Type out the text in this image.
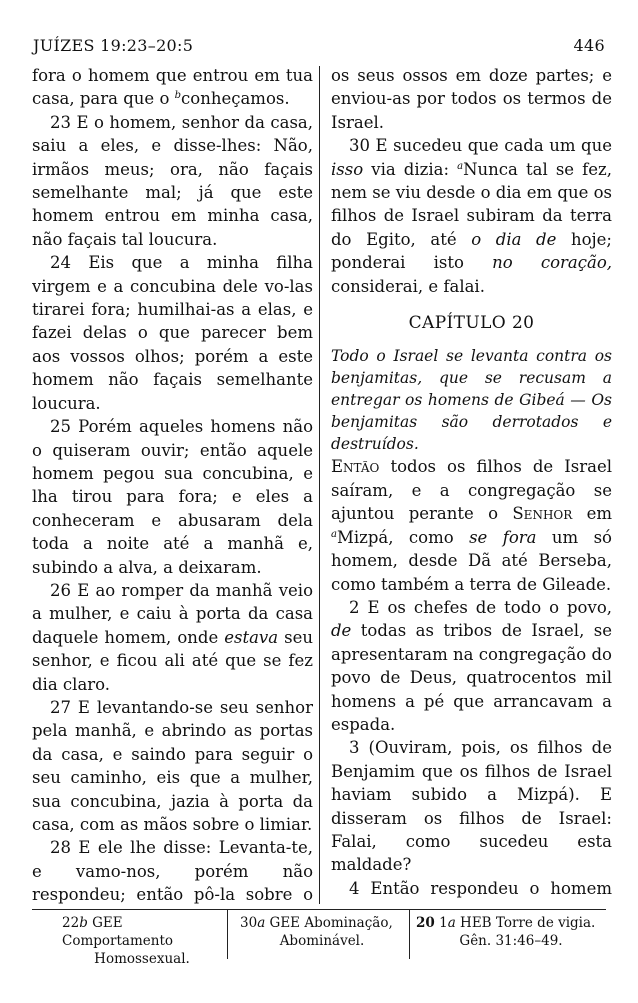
JUÍZES 19:23–20:5	446

fora o homem que entrou em tua casa, para que o $^b$conheçamos.

23 E o homem, senhor da casa, saiu a eles, e disse-lhes: Não, irmãos meus; ora, não façais semelhante mal; já que este homem entrou em minha casa, não façais tal loucura.

24 Eis que a minha filha virgem e a concubina dele vo-las tirarei fora; humilhai-as a elas, e fazei delas o que parecer bem aos vossos olhos; porém a este homem não façais semelhante loucura.

25 Porém aqueles homens não o quiseram ouvir; então aquele homem pegou sua concubina, e lha tirou para fora; e eles a conheceram e abusaram dela toda a noite até a manhã e, subindo a alva, a deixaram.

26 E ao romper da manhã veio a mulher, e caiu à porta da casa daquele homem, onde estava seu senhor, e ficou ali até que se fez dia claro.

27 E levantando-se seu senhor pela manhã, e abrindo as portas da casa, e saindo para seguir o seu caminho, eis que a mulher, sua concubina, jazia à porta da casa, com as mãos sobre o limiar.

28 E ele lhe disse: Levanta-te, e vamo-nos, porém não respondeu; então pô-la sobre o

os seus ossos em doze partes; e enviou-as por todos os termos de Israel.

30 E sucedeu que cada um que isso via dizia: $^a$Nunca tal se fez, nem se viu desde o dia em que os filhos de Israel subiram da terra do Egito, até o dia de hoje; ponderai isto no coração, considerai, e falai.

CAPÍTULO 20

Todo o Israel se levanta contra os benjamitas, que se recusam a entregar os homens de Gibeá — Os benjamitas são derrotados e destruídos.

Então todos os filhos de Israel saíram, e a congregação se ajuntou perante o Senhor em $^a$Mizpá, como se fora um só homem, desde Dã até Berseba, como também a terra de Gileade.

2 E os chefes de todo o povo, de todas as tribos de Israel, se apresentaram na congregação do povo de Deus, quatrocentos mil homens a pé que arrancavam a espada.

3 (Ouviram, pois, os filhos de Benjamim que os filhos de Israel haviam subido a Mizpá). E disseram os filhos de Israel: Falai, como sucedeu esta maldade?

4 Então respondeu o homem

22b GEE Comportamento
Homossexual.
30a GEE Abominação,
Abominável.
20 1a HEB Torre de vigia.
Gên. 31:46–49.
